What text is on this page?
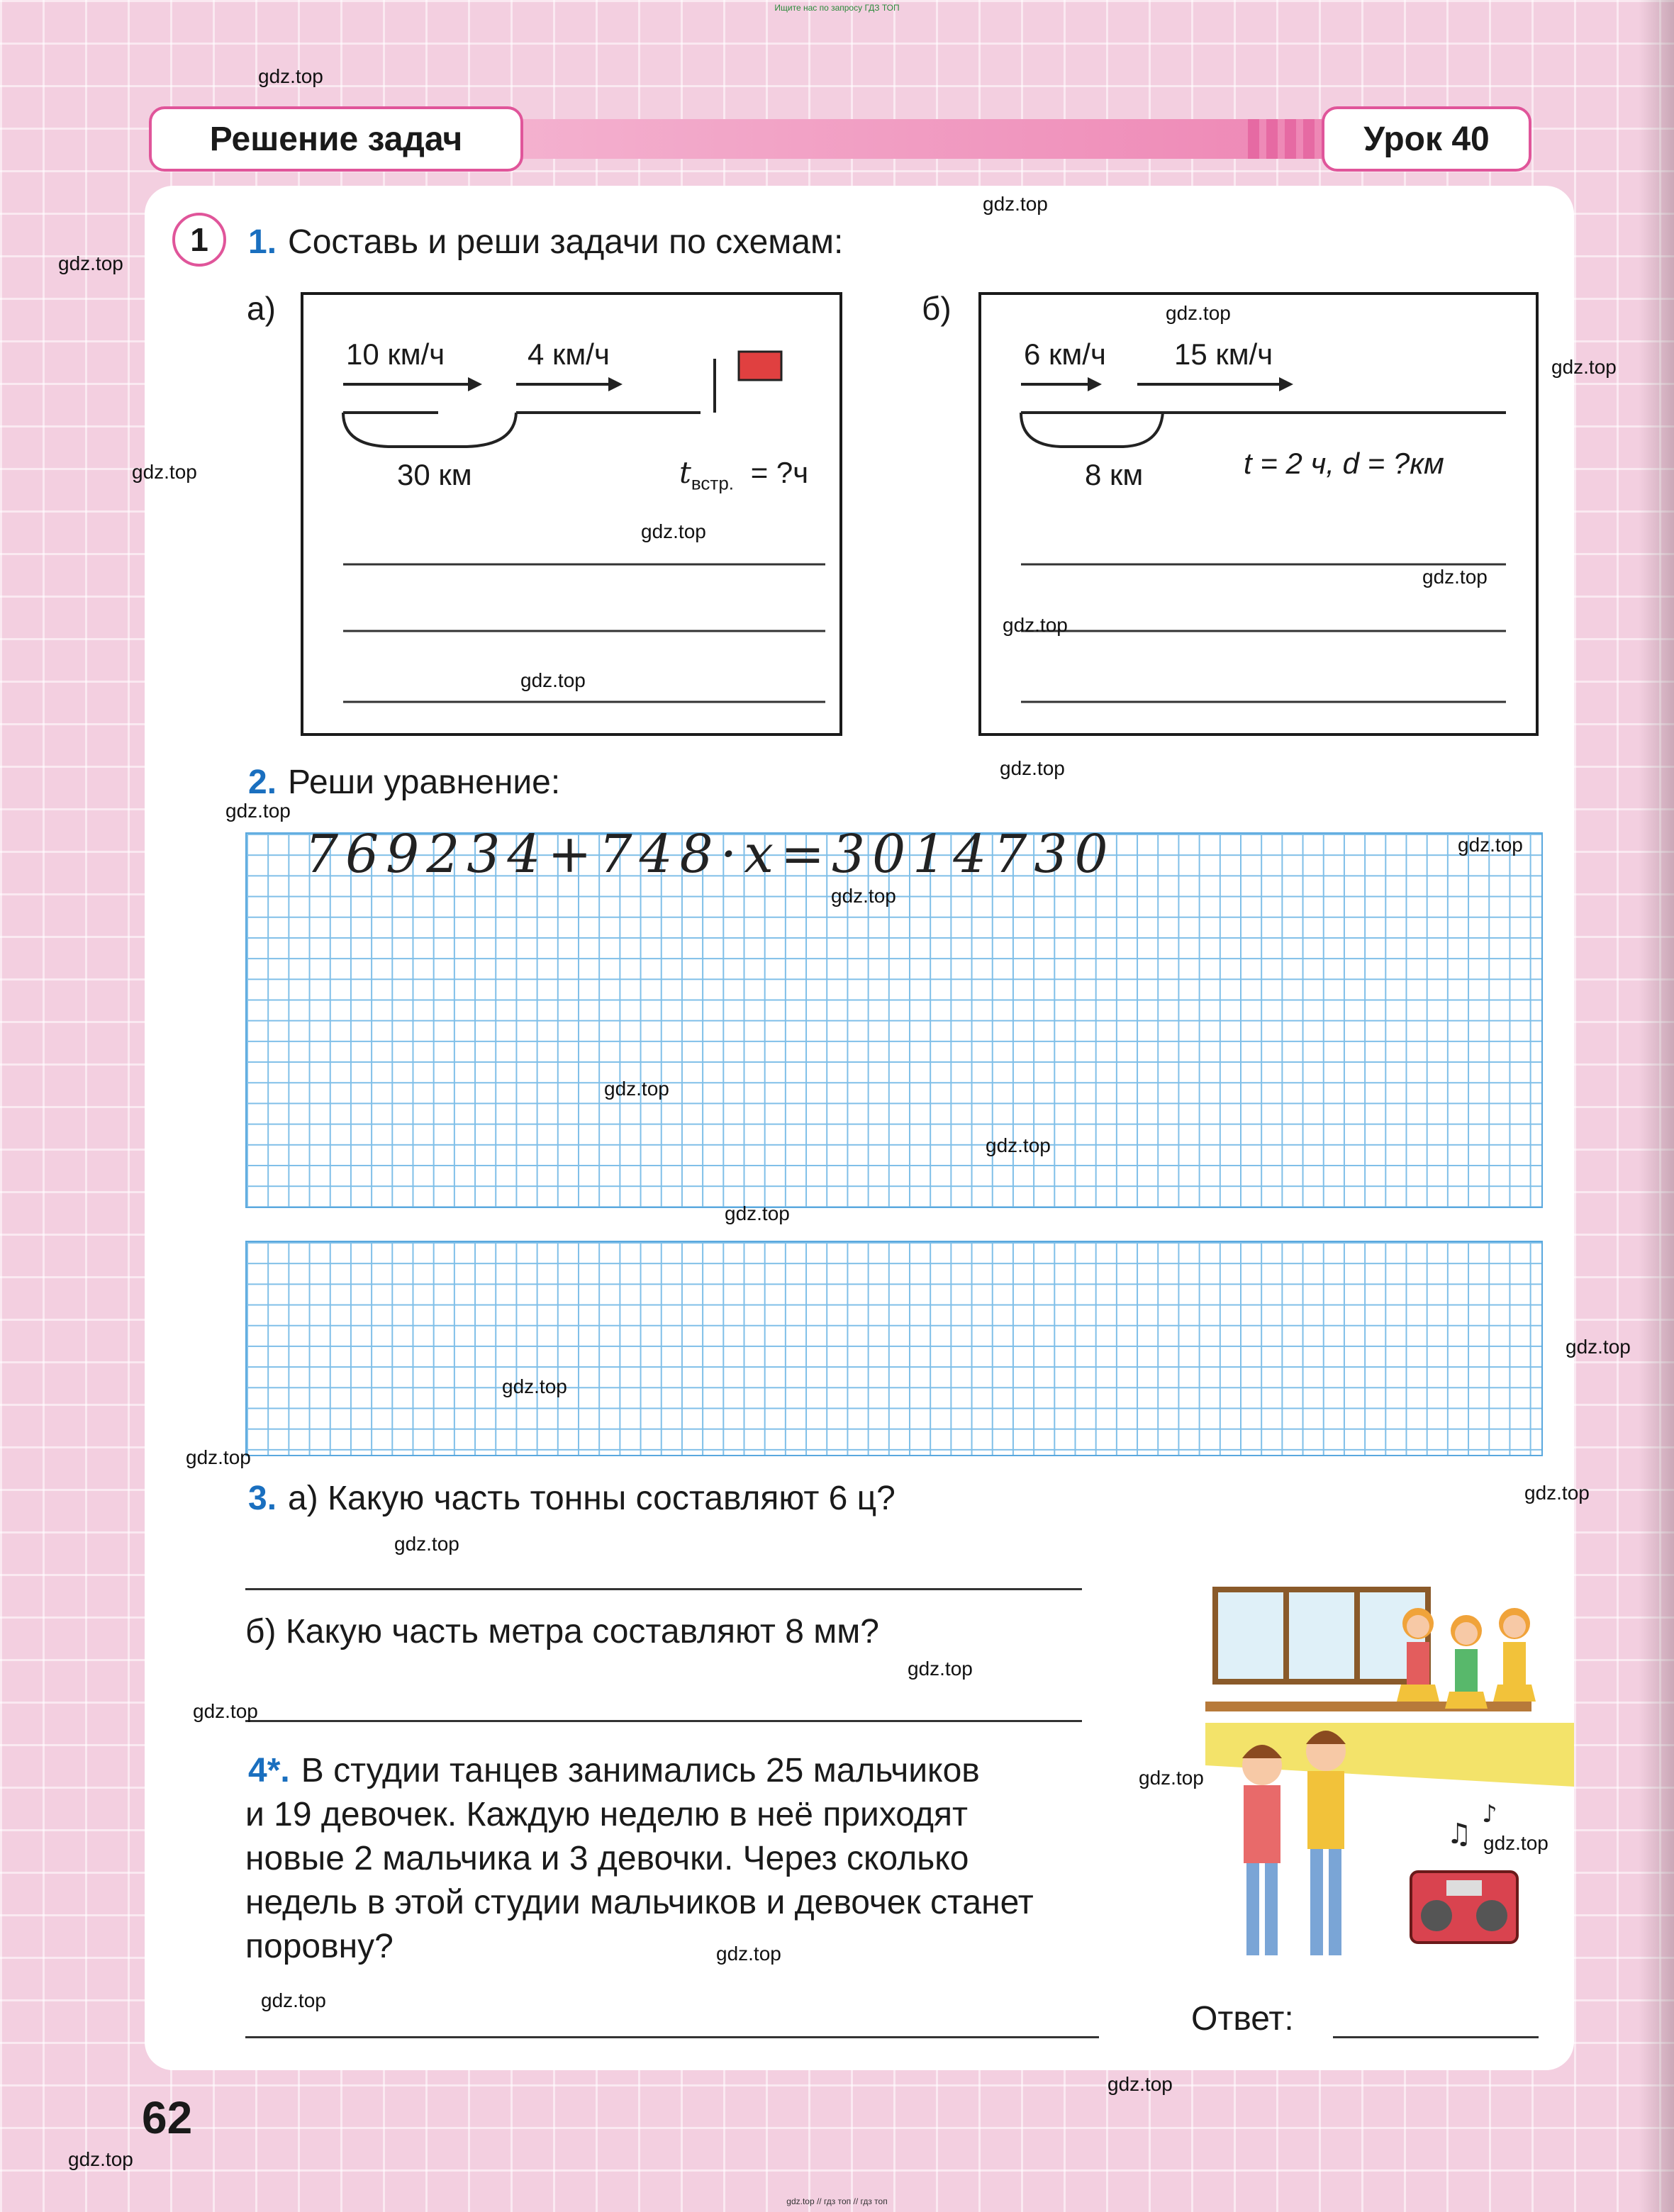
Ищите нас по запросу ГДЗ ТОП
Решение задач	Урок 40
1	1. Составь и реши задачи по схемам:
а)
10 км/ч	4 км/ч
30 км	$t_{встр.}$ = ?ч
б)
6 км/ч 15 км/ч
8 км	t = 2 ч, d = ?км
2. Реши уравнение:
769234+748·x=3014730
3. а) Какую часть тонны составляют 6 ц?
б) Какую часть метра составляют 8 мм?
4*. В студии танцев занимались 25 мальчиков
и 19 девочек. Каждую неделю в неё приходят
новые 2 мальчика и 3 девочки. Через сколько
недель в этой студии мальчиков и девочек станет
поровну?
Ответ:
♫
♪
62
gdz.top
gdz.top
gdz.top
gdz.top
gdz.top
gdz.top
gdz.top
gdz.top
gdz.top
gdz.top
gdz.top
gdz.top
gdz.top
gdz.top
gdz.top
gdz.top
gdz.top
gdz.top
gdz.top
gdz.top
gdz.top
gdz.top
gdz.top
gdz.top
gdz.top
gdz.top
gdz.top
gdz.top
gdz.top
gdz.top
gdz.top // гдз топ // гдз топ
